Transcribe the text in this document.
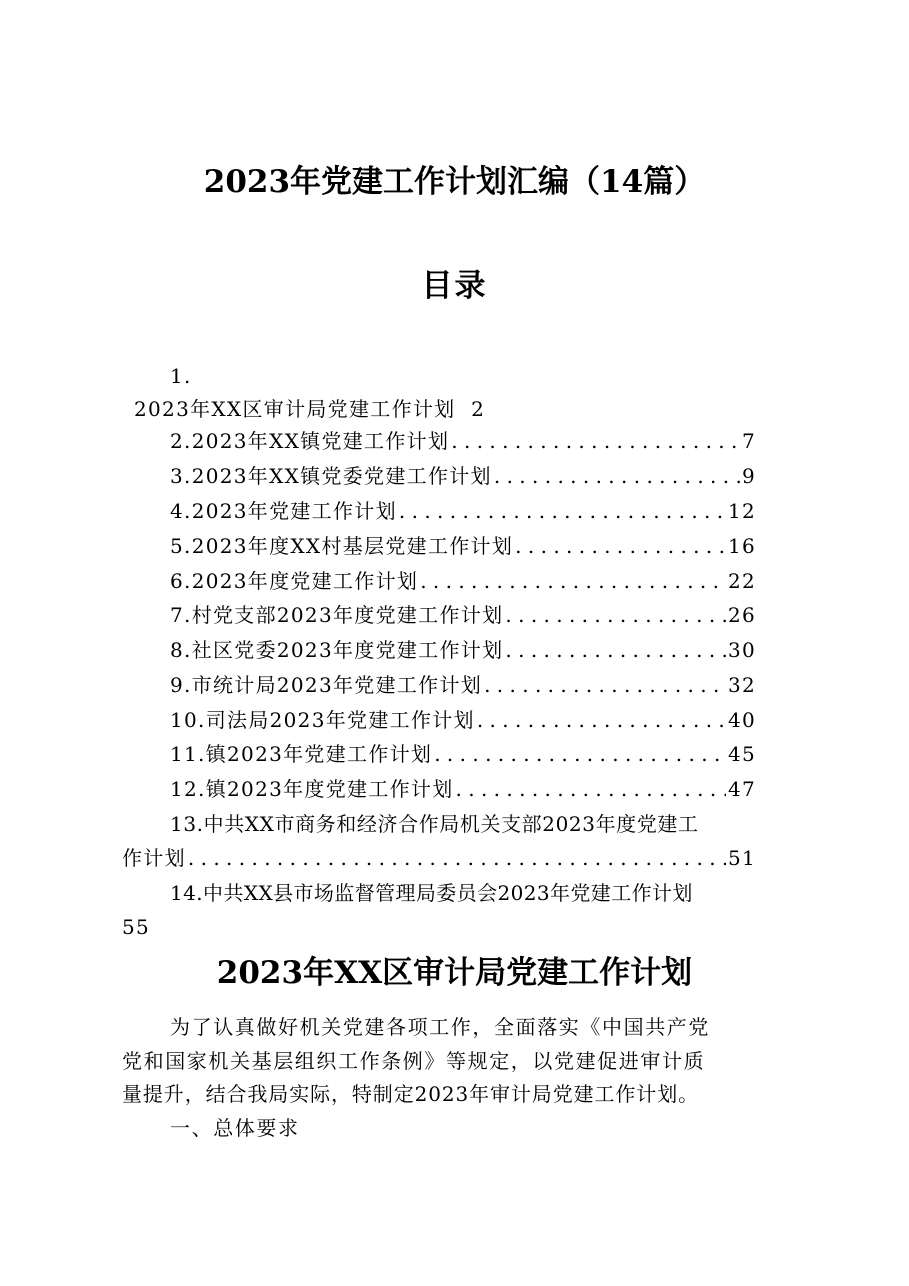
2023年党建工作计划汇编（14篇）
目录
1.
2023年XX区审计局党建工作计划 2
2.2023年XX镇党建工作计划 . . .	7
3.2023年XX镇党委党建工作计划 . . .	9
4.2023年党建工作计划 . . .	12
5.2023年度XX村基层党建工作计划 . . .	16
6.2023年度党建工作计划 . . .	22
7.村党支部2023年度党建工作计划 . . .	26
8.社区党委2023年度党建工作计划 . . .	30
9.市统计局2023年党建工作计划 . . .	32
10.司法局2023年党建工作计划 . . .	40
11.镇2023年党建工作计划 . . .	45
12.镇2023年度党建工作计划 . . .	47
13.中共XX市商务和经济合作局机关支部2023年度党建工
作计划 . . .	51
14.中共XX县市场监督管理局委员会2023年党建工作计划
55
2023年XX区审计局党建工作计划
为了认真做好机关党建各项工作，全面落实《中国共产党
党和国家机关基层组织工作条例》等规定，以党建促进审计质
量提升，结合我局实际，特制定2023年审计局党建工作计划。
一、总体要求
